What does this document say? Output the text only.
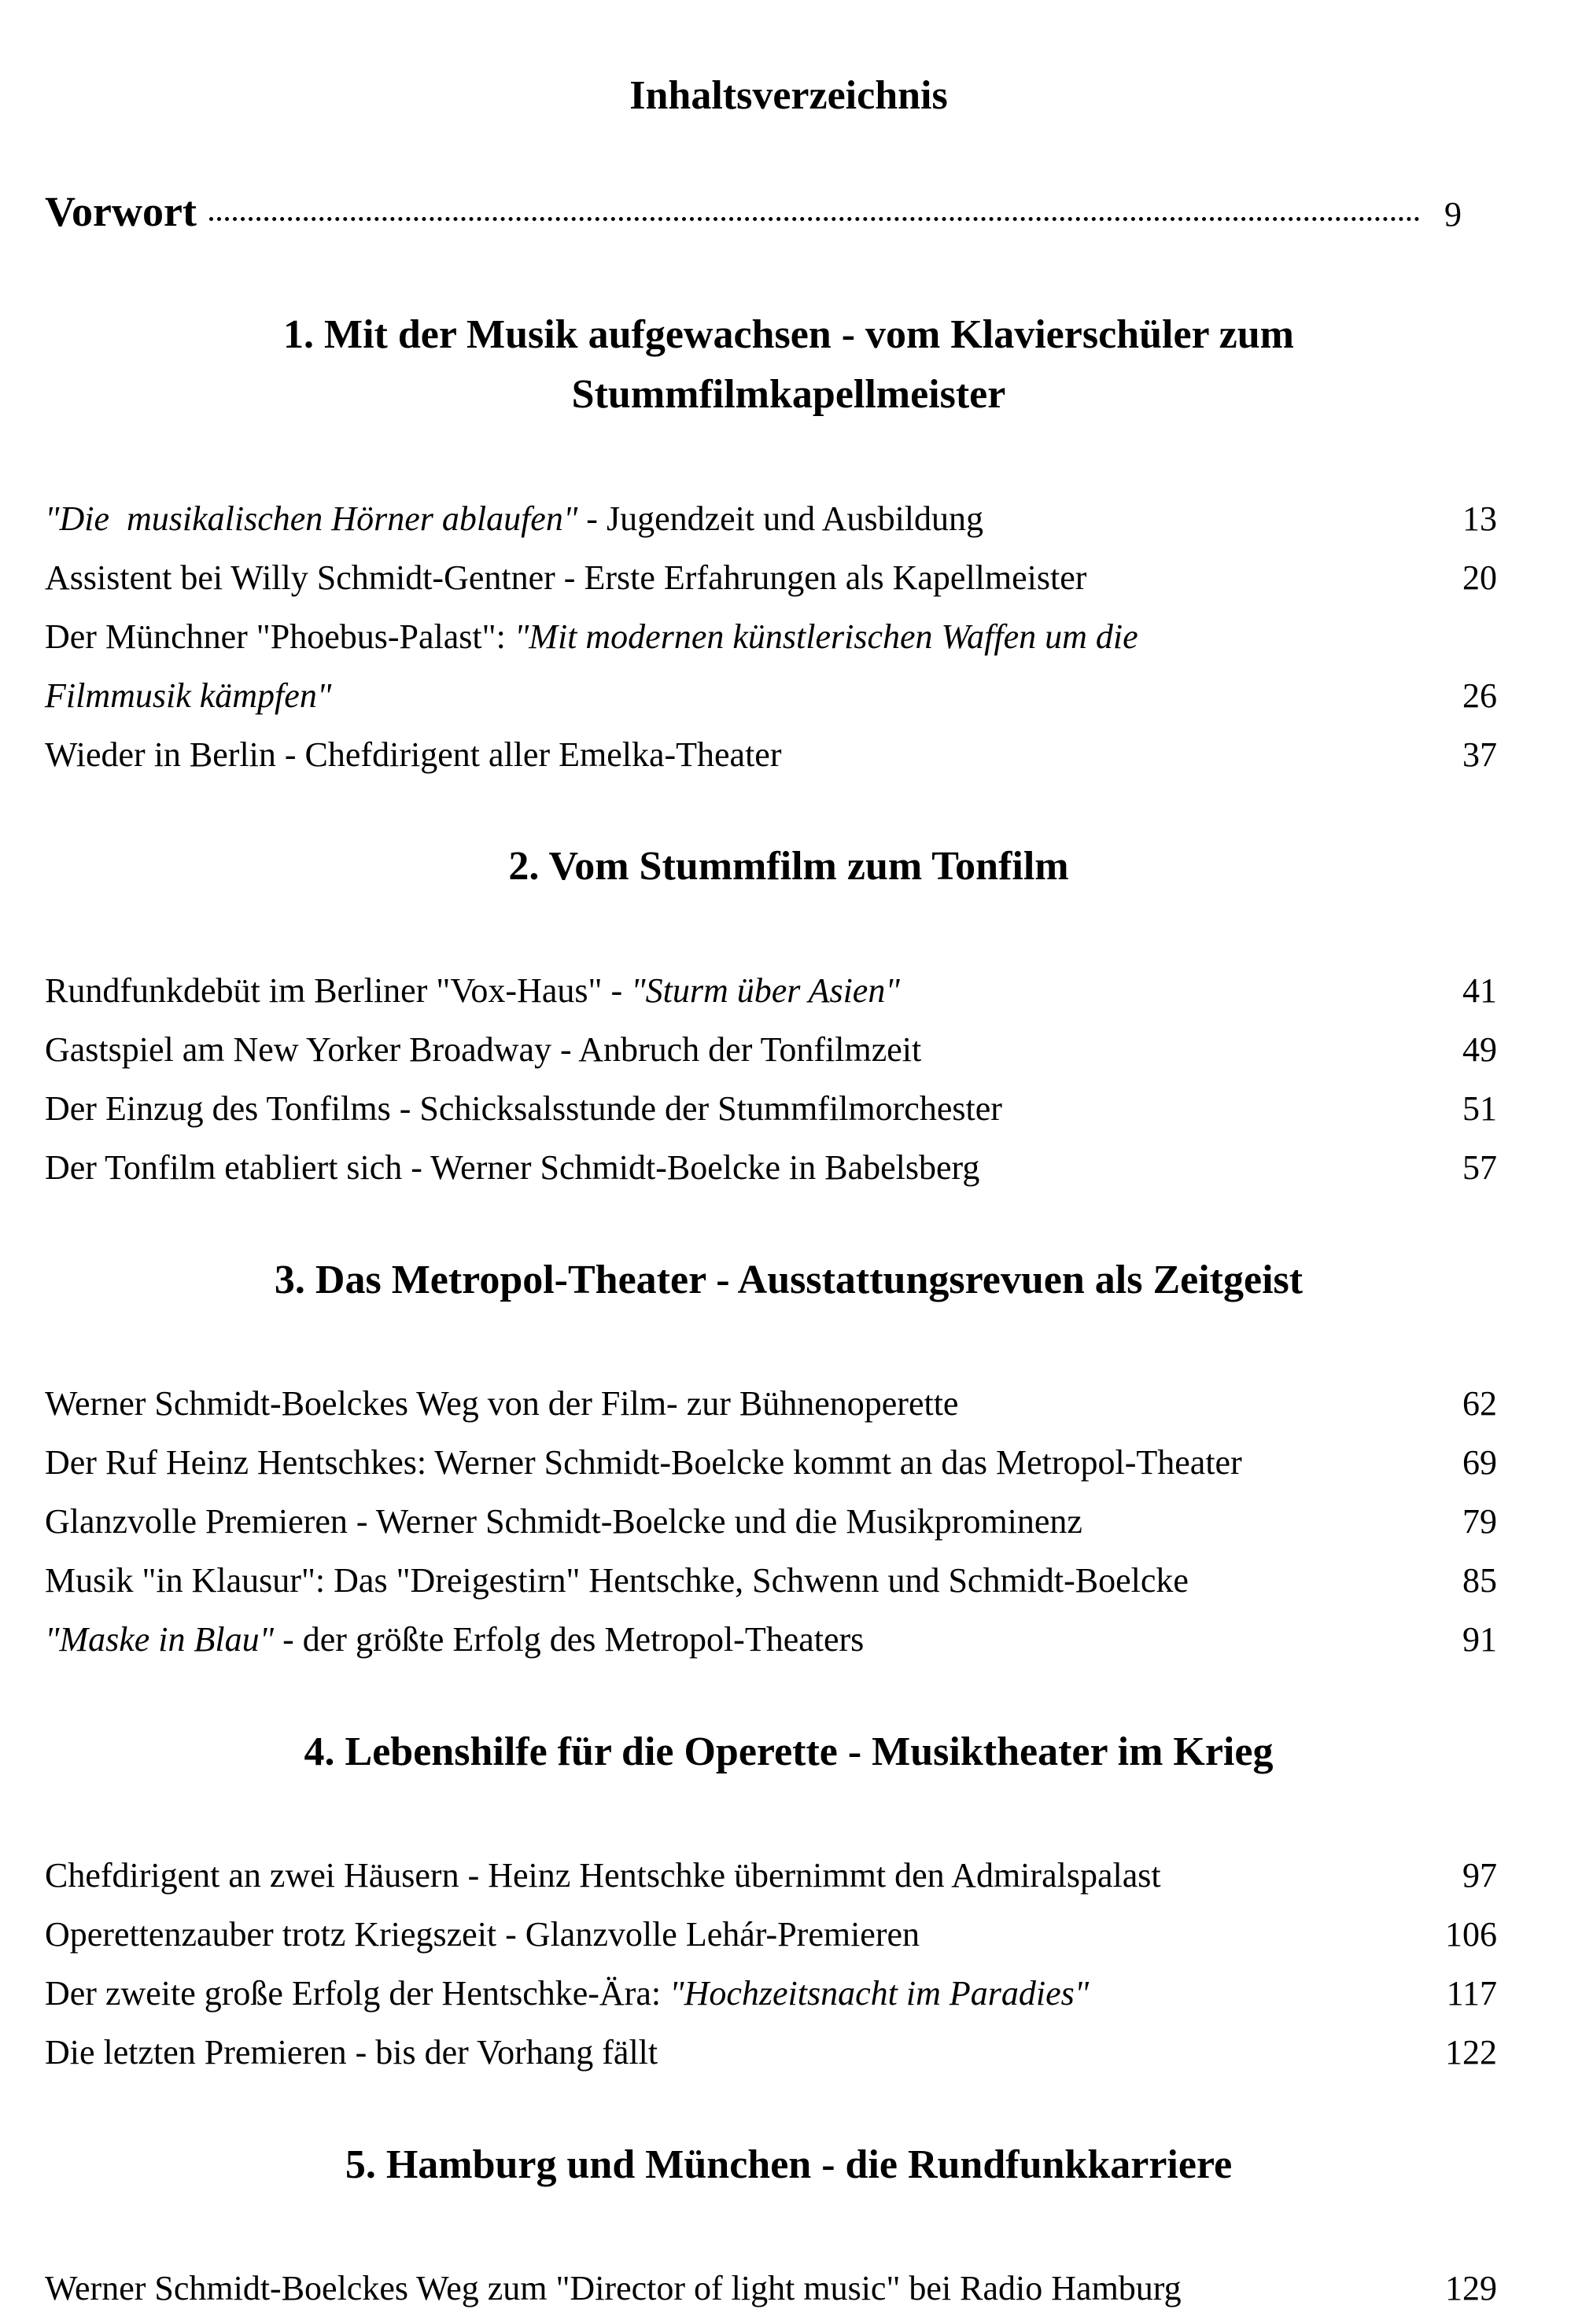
Inhaltsverzeichnis
Vorwort	9
1. Mit der Musik aufgewachsen - vom Klavierschüler zum
Stummfilmkapellmeister
"Die  musikalischen Hörner ablaufen" - Jugendzeit und Ausbildung	13
Assistent bei Willy Schmidt-Gentner - Erste Erfahrungen als Kapellmeister	20
Der Münchner "Phoebus-Palast": "Mit modernen künstlerischen Waffen um die
Filmmusik kämpfen"	26
Wieder in Berlin - Chefdirigent aller Emelka-Theater	37
2. Vom Stummfilm zum Tonfilm
Rundfunkdebüt im Berliner "Vox-Haus" - "Sturm über Asien"	41
Gastspiel am New Yorker Broadway - Anbruch der Tonfilmzeit	49
Der Einzug des Tonfilms - Schicksalsstunde der Stummfilmorchester	51
Der Tonfilm etabliert sich - Werner Schmidt-Boelcke in Babelsberg	57
3. Das Metropol-Theater - Ausstattungsrevuen als Zeitgeist
Werner Schmidt-Boelckes Weg von der Film- zur Bühnenoperette	62
Der Ruf Heinz Hentschkes: Werner Schmidt-Boelcke kommt an das Metropol-Theater	69
Glanzvolle Premieren - Werner Schmidt-Boelcke und die Musikprominenz	79
Musik "in Klausur": Das "Dreigestirn" Hentschke, Schwenn und Schmidt-Boelcke	85
"Maske in Blau" - der größte Erfolg des Metropol-Theaters	91
4. Lebenshilfe für die Operette - Musiktheater im Krieg
Chefdirigent an zwei Häusern - Heinz Hentschke übernimmt den Admiralspalast	97
Operettenzauber trotz Kriegszeit - Glanzvolle Lehár-Premieren	106
Der zweite große Erfolg der Hentschke-Ära: "Hochzeitsnacht im Paradies"	117
Die letzten Premieren - bis der Vorhang fällt	122
5. Hamburg und München - die Rundfunkkarriere
Werner Schmidt-Boelckes Weg zum "Director of light music" bei Radio Hamburg	129
